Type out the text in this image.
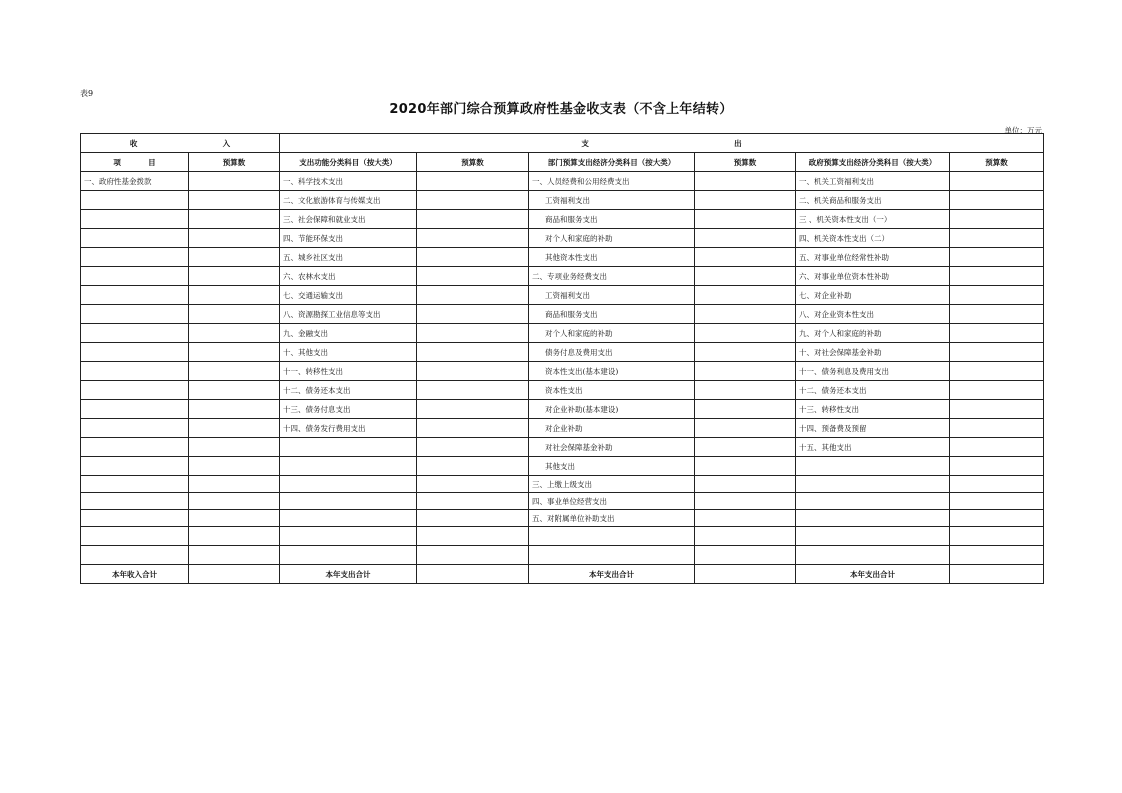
表9
2020年部门综合预算政府性基金收支表（不含上年结转）
单位：万元
收 入		支 出					
项 目	预算数	支出功能分类科目（按大类）	预算数	部门预算支出经济分类科目（按大类）	预算数	政府预算支出经济分类科目（按大类）	预算数
一、政府性基金拨款		一、科学技术支出		一、人员经费和公用经费支出		一、机关工资福利支出	
		二、文化旅游体育与传媒支出		工资福利支出		二、机关商品和服务支出	
		三、社会保障和就业支出		商品和服务支出		三 、机关资本性支出（一）	
		四、节能环保支出		对个人和家庭的补助		四、机关资本性支出（二）	
		五、城乡社区支出		其他资本性支出		五、对事业单位经常性补助	
		六、农林水支出		二、专项业务经费支出		六、对事业单位资本性补助	
		七、交通运输支出		工资福利支出		七、对企业补助	
		八、资源勘探工业信息等支出		商品和服务支出		八、对企业资本性支出	
		九、金融支出		对个人和家庭的补助		九、对个人和家庭的补助	
		十、其他支出		债务付息及费用支出		十、对社会保障基金补助	
		十一、转移性支出		资本性支出(基本建设)		十一、债务利息及费用支出	
		十二、债务还本支出		资本性支出		十二、债务还本支出	
		十三、债务付息支出		对企业补助(基本建设)		十三、转移性支出	
		十四、债务发行费用支出		对企业补助		十四、预备费及预留	
				对社会保障基金补助		十五、其他支出	
				其他支出			
				三、上缴上级支出			
				四、事业单位经营支出			
				五、对附属单位补助支出			

本年收入合计		本年支出合计		本年支出合计		本年支出合计	
